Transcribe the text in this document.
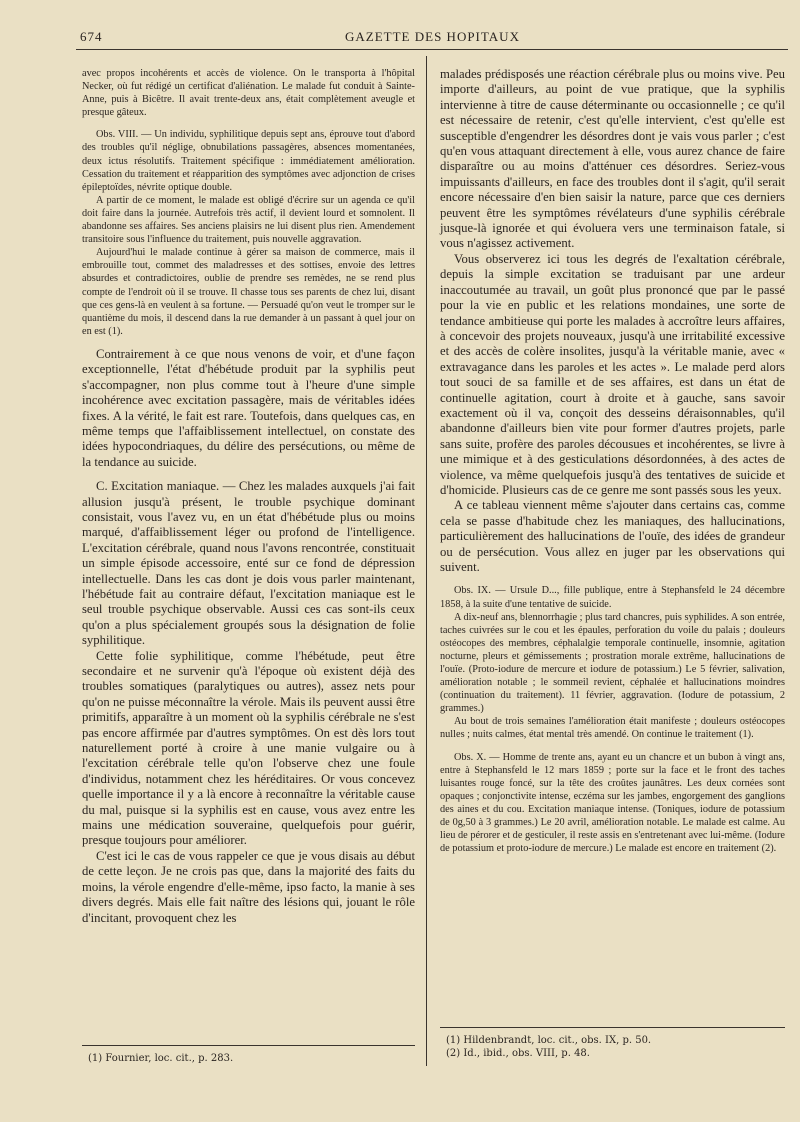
674	GAZETTE DES HOPITAUX

avec propos incohérents et accès de violence. On le transporta à l'hôpital Necker, où fut rédigé un certificat d'aliénation. Le malade fut conduit à Sainte-Anne, puis à Bicêtre. Il avait trente-deux ans, était complètement aveugle et presque gâteux.

Obs. VIII. — Un individu, syphilitique depuis sept ans, éprouve tout d'abord des troubles qu'il néglige, obnubilations passagères, absences momentanées, deux ictus résolutifs. Traitement spécifique : immédiatement amélioration. Cessation du traitement et réapparition des symptômes avec adjonction de crises épileptoïdes, névrite optique double.

A partir de ce moment, le malade est obligé d'écrire sur un agenda ce qu'il doit faire dans la journée. Autrefois très actif, il devient lourd et somnolent. Il abandonne ses affaires. Ses anciens plaisirs ne lui disent plus rien. Amendement transitoire sous l'influence du traitement, puis nouvelle aggravation.

Aujourd'hui le malade continue à gérer sa maison de commerce, mais il embrouille tout, commet des maladresses et des sottises, envoie des lettres absurdes et contradictoires, oublie de prendre ses remèdes, ne se rend plus compte de l'endroit où il se trouve. Il chasse tous ses parents de chez lui, disant que ces gens-là en veulent à sa fortune. — Persuadé qu'on veut le tromper sur le quantième du mois, il descend dans la rue demander à un passant à quel jour on en est (1).

Contrairement à ce que nous venons de voir, et d'une façon exceptionnelle, l'état d'hébétude produit par la syphilis peut s'accompagner, non plus comme tout à l'heure d'une simple incohérence avec excitation passagère, mais de véritables idées fixes. A la vérité, le fait est rare. Toutefois, dans quelques cas, en même temps que l'affaiblissement intellectuel, on constate des idées hypocondriaques, du délire des persécutions, ou même de la tendance au suicide.

C. Excitation maniaque. — Chez les malades auxquels j'ai fait allusion jusqu'à présent, le trouble psychique dominant consistait, vous l'avez vu, en un état d'hébétude plus ou moins marqué, d'affaiblissement léger ou profond de l'intelligence. L'excitation cérébrale, quand nous l'avons rencontrée, constituait un simple épisode accessoire, enté sur ce fond de dépression intellectuelle. Dans les cas dont je dois vous parler maintenant, l'hébétude fait au contraire défaut, l'excitation maniaque est le seul trouble psychique observable. Aussi ces cas sont-ils ceux qu'on a plus spécialement groupés sous la désignation de folie syphilitique.

Cette folie syphilitique, comme l'hébétude, peut être secondaire et ne survenir qu'à l'époque où existent déjà des troubles somatiques (paralytiques ou autres), assez nets pour qu'on ne puisse méconnaître la vérole. Mais ils peuvent aussi être primitifs, apparaître à un moment où la syphilis cérébrale ne s'est pas encore affirmée par d'autres symptômes. On est dès lors tout naturellement porté à croire à une manie vulgaire ou à l'excitation cérébrale telle qu'on l'observe chez une foule d'individus, notamment chez les héréditaires. Or vous concevez quelle importance il y a là encore à reconnaître la véritable cause du mal, puisque si la syphilis est en cause, vous avez entre les mains une médication souveraine, quelquefois pour guérir, presque toujours pour améliorer.

C'est ici le cas de vous rappeler ce que je vous disais au début de cette leçon. Je ne crois pas que, dans la majorité des faits du moins, la vérole engendre d'elle-même, ipso facto, la manie à ses divers degrés. Mais elle fait naître des lésions qui, jouant le rôle d'incitant, provoquent chez les

(1) Fournier, loc. cit., p. 283.

malades prédisposés une réaction cérébrale plus ou moins vive. Peu importe d'ailleurs, au point de vue pratique, que la syphilis intervienne à titre de cause déterminante ou occasionnelle ; ce qu'il est nécessaire de retenir, c'est qu'elle intervient, c'est qu'elle est susceptible d'engendrer les désordres dont je vais vous parler ; c'est qu'en vous attaquant directement à elle, vous aurez chance de faire disparaître ou au moins d'atténuer ces désordres. Seriez-vous impuissants d'ailleurs, en face des troubles dont il s'agit, qu'il serait encore nécessaire d'en bien saisir la nature, parce que ces derniers peuvent être les symptômes révélateurs d'une syphilis cérébrale jusque-là ignorée et qui évoluera vers une terminaison fatale, si vous n'agissez activement.

Vous observerez ici tous les degrés de l'exaltation cérébrale, depuis la simple excitation se traduisant par une ardeur inaccoutumée au travail, un goût plus prononcé que par le passé pour la vie en public et les relations mondaines, une sorte de tendance ambitieuse qui porte les malades à accroître leurs affaires, à concevoir des projets nouveaux, jusqu'à une irritabilité excessive et des accès de colère insolites, jusqu'à la véritable manie, avec « extravagance dans les paroles et les actes ». Le malade perd alors tout souci de sa famille et de ses affaires, est dans un état de continuelle agitation, court à droite et à gauche, sans savoir exactement où il va, conçoit des desseins déraisonnables, qu'il abandonne d'ailleurs bien vite pour former d'autres projets, parle sans suite, profère des paroles décousues et incohérentes, se livre à une mimique et à des gesticulations désordonnées, à des actes de violence, va même quelquefois jusqu'à des tentatives de suicide et d'homicide. Plusieurs cas de ce genre me sont passés sous les yeux.

A ce tableau viennent même s'ajouter dans certains cas, comme cela se passe d'habitude chez les maniaques, des hallucinations, particulièrement des hallucinations de l'ouïe, des idées de grandeur ou de persécution. Vous allez en juger par les observations qui suivent.

Obs. IX. — Ursule D..., fille publique, entre à Stephansfeld le 24 décembre 1858, à la suite d'une tentative de suicide.

A dix-neuf ans, blennorrhagie ; plus tard chancres, puis syphilides. A son entrée, taches cuivrées sur le cou et les épaules, perforation du voile du palais ; douleurs ostéocopes des membres, céphalalgie temporale continuelle, insomnie, agitation nocturne, pleurs et gémissements ; prostration morale extrême, hallucinations de l'ouïe. (Proto-iodure de mercure et iodure de potassium.) Le 5 février, salivation, amélioration notable ; le sommeil revient, céphalée et hallucinations moindres (continuation du traitement). 11 février, aggravation. (Iodure de potassium, 2 grammes.)

Au bout de trois semaines l'amélioration était manifeste ; douleurs ostéocopes nulles ; nuits calmes, état mental très amendé. On continue le traitement (1).

Obs. X. — Homme de trente ans, ayant eu un chancre et un bubon à vingt ans, entre à Stephansfeld le 12 mars 1859 ; porte sur la face et le front des taches luisantes rouge foncé, sur la tête des croûtes jaunâtres. Les deux cornées sont opaques ; conjonctivite intense, eczéma sur les jambes, engorgement des ganglions des aines et du cou. Excitation maniaque intense. (Toniques, iodure de potassium de 0g,50 à 3 grammes.) Le 20 avril, amélioration notable. Le malade est calme. Au lieu de pérorer et de gesticuler, il reste assis en s'entretenant avec lui-même. (Iodure de potassium et proto-iodure de mercure.) Le malade est encore en traitement (2).

(1) Hildenbrandt, loc. cit., obs. IX, p. 50.

(2) Id., ibid., obs. VIII, p. 48.
